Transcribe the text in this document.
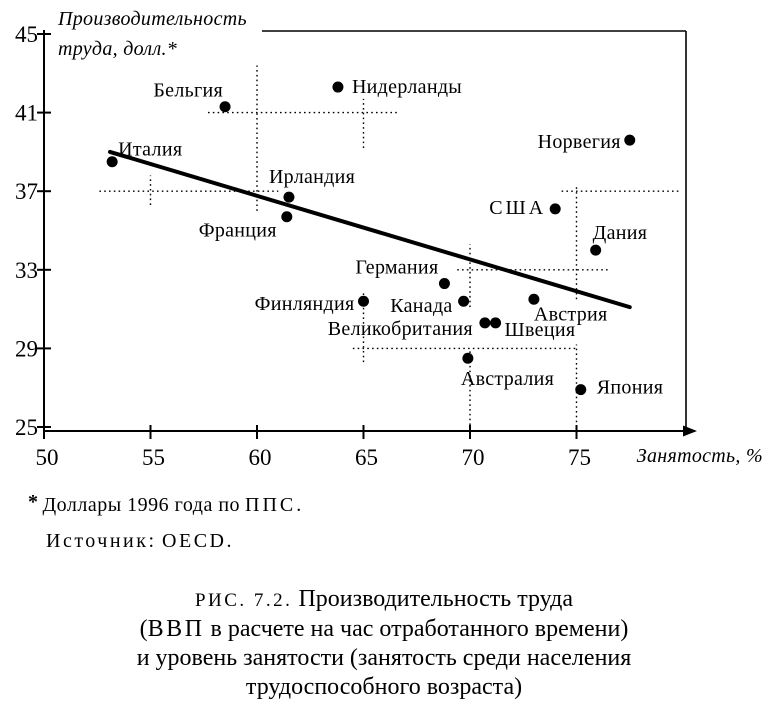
50	55	60	65	70	75
45
41
37
33
29
25
Италия
Бельгия	Нидерланды
Ирландия
Франция
Норвегия
США
Дания
Германия
Финляндия Канада	Австрия
Великобритания Швеция
Австралия Япония
Производительность
труда, долл.*
Занятость, %
* Доллары 1996 года по ППС.
Источник: OECD.
РИС. 7.2. Производительность труда
(ВВП в расчете на час отработанного времени)
и уровень занятости (занятость среди населения
трудоспособного возраста)
